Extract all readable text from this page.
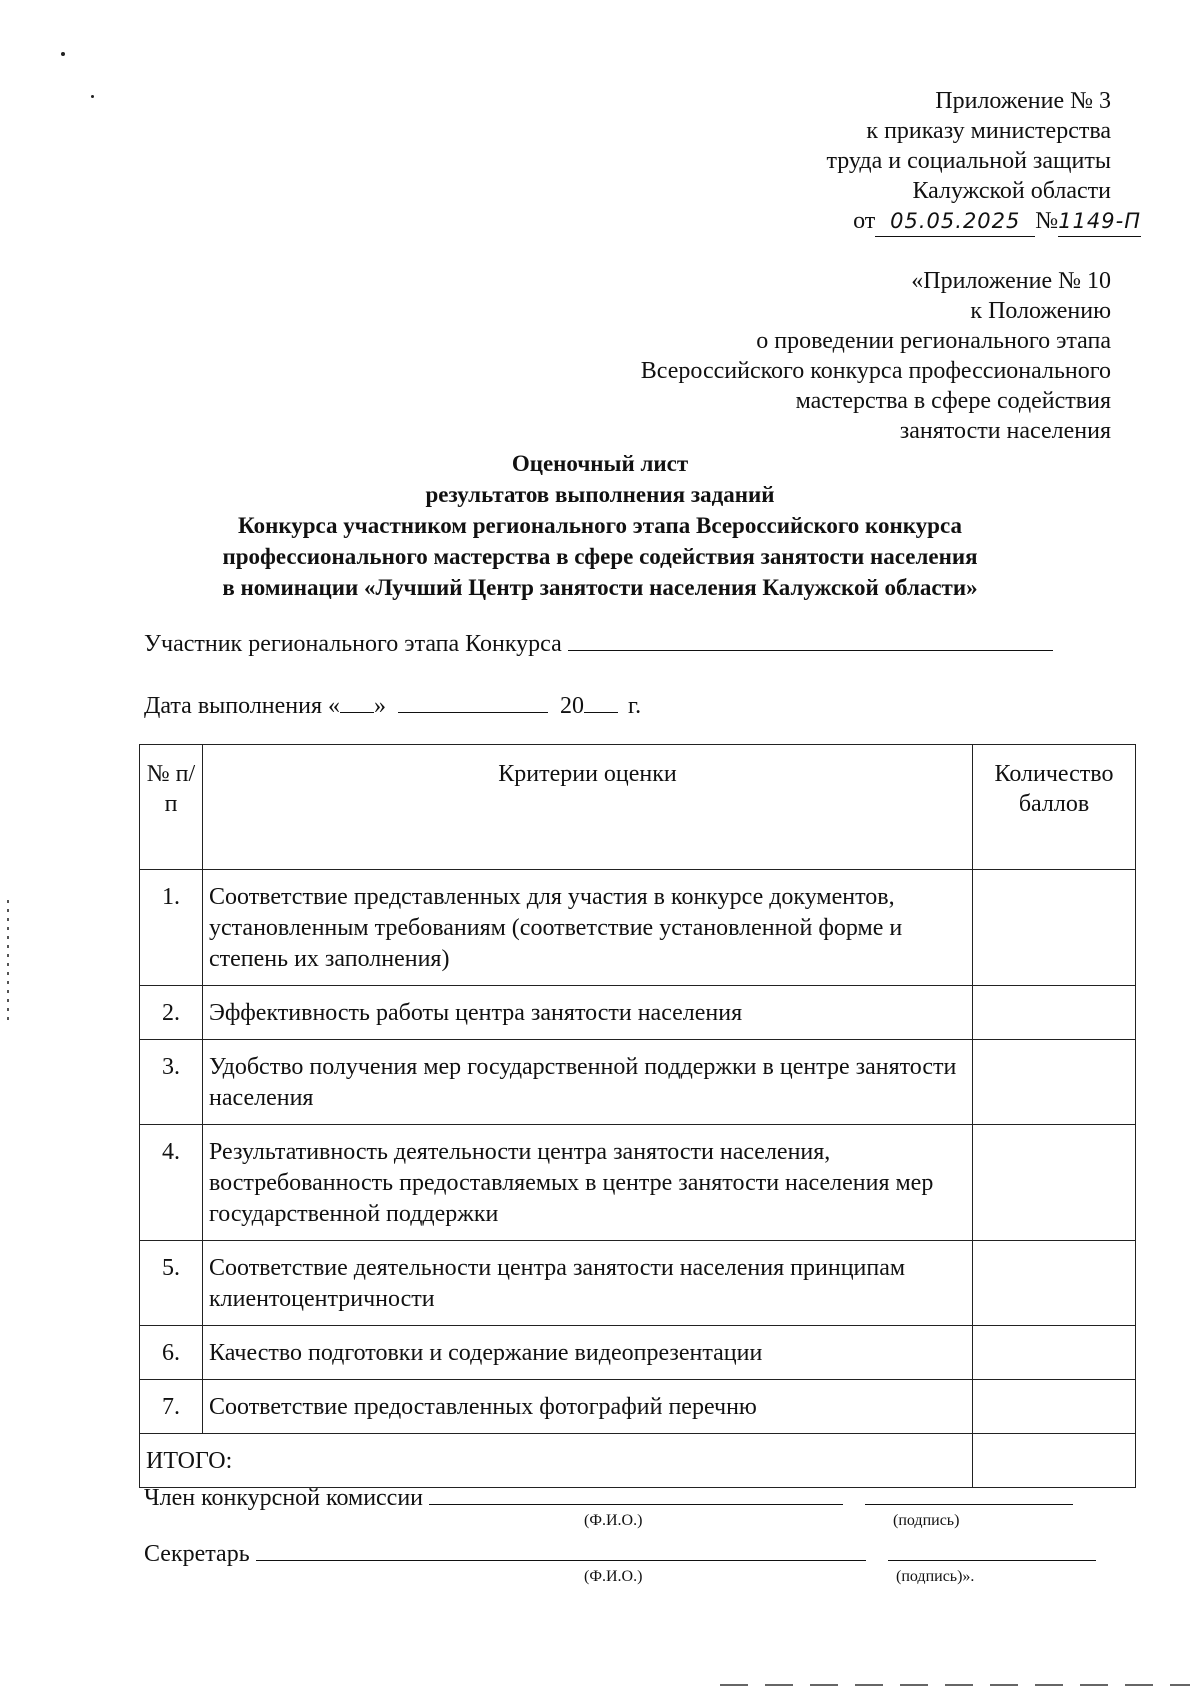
Приложение № 3
к приказу министерства
труда и социальной защиты
Калужской области
от 05.05.2025 №1149-П
«Приложение № 10
к Положению
о проведении регионального этапа
Всероссийского конкурса профессионального
мастерства в сфере содействия
занятости населения
Оценочный лист
результатов выполнения заданий
Конкурса участником регионального этапа Всероссийского конкурса
профессионального мастерства в сфере содействия занятости населения
в номинации «Лучший Центр занятости населения Калужской области»
Участник регионального этапа Конкурса
Дата выполнения « »	20 г.
№ п/п	Критерии оценки	Количество баллов
1.	Соответствие представленных для участия в конкурсе документов, установленным требованиям (соответствие установленной форме и степень их заполнения)	
2.	Эффективность работы центра занятости населения	
3.	Удобство получения мер государственной поддержки в центре занятости населения	
4.	Результативность деятельности центра занятости населения, востребованность предоставляемых в центре занятости населения мер государственной поддержки	
5.	Соответствие деятельности центра занятости населения принципам клиентоцентричности	
6.	Качество подготовки и содержание видеопрезентации	
7.	Соответствие предоставленных фотографий перечню	
ИТОГО:		
Член конкурсной комиссии
(Ф.И.О.)	(подпись)
Секретарь
(Ф.И.О.)	(подпись)».
